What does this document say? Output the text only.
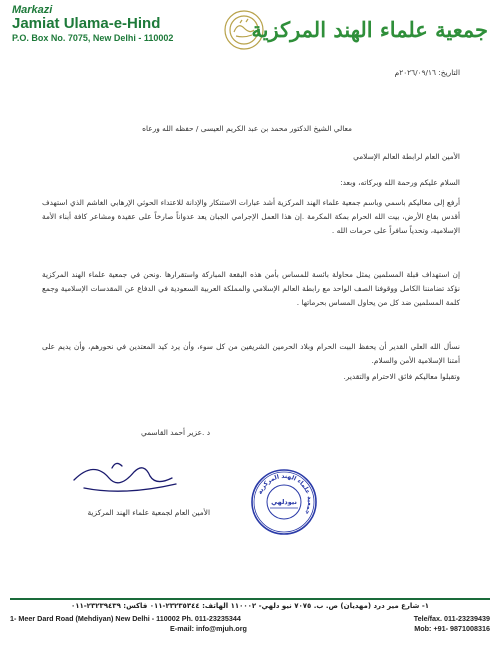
Markazi
Jamiat Ulama-e-Hind
P.O. Box No. 7075, New Delhi - 110002	جمعية علماء الهند المركزية
التاريخ: ٢٠٢٦/٠٩/١٦م
معالي الشيخ الدكتور محمد بن عبد الكريم العيسى / حفظه الله ورعاه
الأمين العام لرابطة العالم الإسلامي
السلام عليكم ورحمة الله وبركاته، وبعد:
أرفع إلى معاليكم باسمي وباسم جمعية علماء الهند المركزية أشد عبارات الاستنكار والإدانة للاعتداء الحوثي الإرهابي الغاشم الذي استهدف أقدس بقاع الأرض، بيت الله الحرام بمكة المكرمة .إن هذا العمل الإجرامي الجبان يعد عدواناً صارخاً على عقيدة ومشاعر كافة أبناء الأمة الإسلامية، وتحدياً سافراً على حرمات الله .
إن استهداف قبلة المسلمين يمثل محاولة بائسة للمساس بأمن هذه البقعة المباركة واستقرارها .ونحن في جمعية علماء الهند المركزية نؤكد تضامننا الكامل ووقوفنا الصف الواحد مع رابطة العالم الإسلامي والمملكة العربية السعودية في الدفاع عن المقدسات الإسلامية وجمع كلمة المسلمين ضد كل من يحاول المساس بحرماتها .
نسأل الله العلي القدير أن يحفظ البيت الحرام وبلاد الحرمين الشريفين من كل سوء، وأن يرد كيد المعتدين في نحورهم، وأن يديم على أمتنا الإسلامية الأمن والسلام.
وتقبلوا معاليكم فائق الاحترام والتقدير.
د .عزير أحمد القاسمي
الأمين العام لجمعية علماء الهند المركزية
جمعية علماء الهند المركزية
نيودلهي
١- شارع مير درد (مهديان) ص. ب. ٧٠٧٥ نيو دلهي- ١١٠٠٠٢ الهاتف: ٢٣٢٣٥٣٤٤-٠١١ فاكس: ٢٣٢٣٩٤٣٩-٠١١
1- Meer Dard Road (Mehdiyan) New Delhi - 110002 Ph. 011-23235344	Tele/fax. 011-23239439
E-mail: info@mjuh.org	Mob: +91- 9871008316
